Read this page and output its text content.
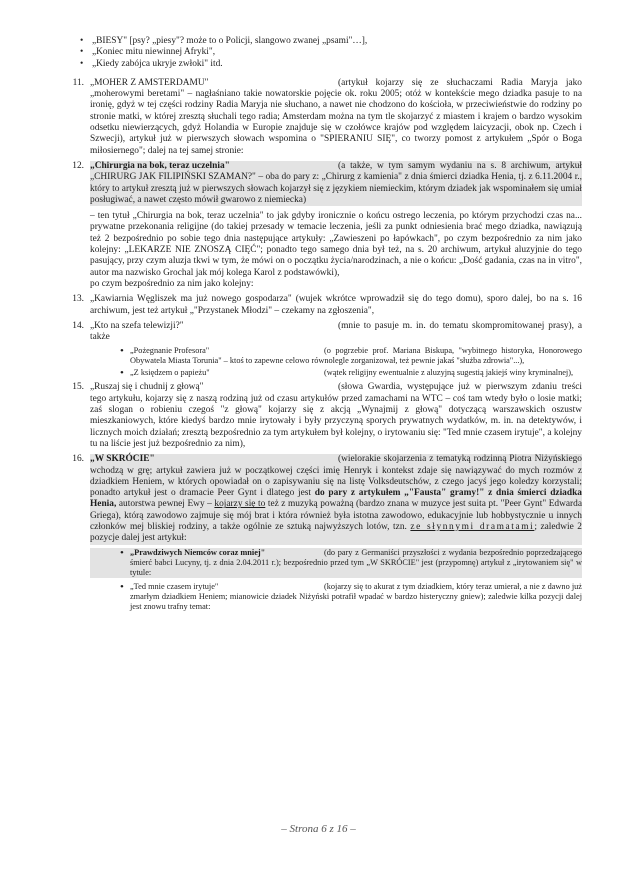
• „BIESY" [psy? „piesy"? może to o Policji, slangowo zwanej „psami"…],
• „Koniec mitu niewinnej Afryki",
• „Kiedy zabójca ukryje zwłoki" itd.
11. „MOHER Z AMSTERDAMU"	(artykuł kojarzy się ze słuchaczami Radia Maryja jako „moherowymi beretami" – nagłaśniano takie nowatorskie pojęcie ok. roku 2005; otóż w kontekście mego dziadka pasuje to na ironię, gdyż w tej części rodziny Radia Maryja nie słuchano, a nawet nie chodzono do kościoła, w przeciwieństwie do rodziny po stronie matki, w której zresztą słuchali tego radia; Amsterdam można na tym tle skojarzyć z miastem i krajem o bardzo wysokim odsetku niewierzących, gdyż Holandia w Europie znajduje się w czołówce krajów pod względem laicyzacji, obok np. Czech i Szwecji), artykuł już w pierwszych słowach wspomina o "SPIERANIU SIĘ", co tworzy pomost z artykułem „Spór o Boga miłosiernego"; dalej na tej samej stronie:
12. „Chirurgia na bok, teraz uczelnia"	(a także, w tym samym wydaniu na s. 8 archiwum, artykuł „CHIRURG JAK FILIPIŃSKI SZAMAN?" – oba do pary z: „Chirurg z kamienia" z dnia śmierci dziadka Henia, tj. z 6.11.2004 r., który to artykuł zresztą już w pierwszych słowach kojarzył się z językiem niemieckim, którym dziadek jak wspominałem się umiał posługiwać, a nawet często mówił gwarowo z niemiecka)
– ten tytuł „Chirurgia na bok, teraz uczelnia" to jak gdyby ironicznie o końcu ostrego leczenia, po którym przychodzi czas na... prywatne przekonania religijne (do takiej przesady w temacie leczenia, jeśli za punkt odniesienia brać mego dziadka, nawiązują też 2 bezpośrednio po sobie tego dnia następujące artykuły: „Zawieszeni po łapówkach", po czym bezpośrednio za nim jako kolejny: „LEKARZE NIE ZNOSZĄ CIĘĆ"; ponadto tego samego dnia był też, na s. 20 archiwum, artykuł aluzyjnie do tego pasujący, przy czym aluzja tkwi w tym, że mówi on o początku życia/narodzinach, a nie o końcu: „Dość gadania, czas na in vitro", autor ma nazwisko Grochal jak mój kolega Karol z podstawówki),
po czym bezpośrednio za nim jako kolejny:
13. „Kawiarnia Węgliszek ma już nowego gospodarza" (wujek wkrótce wprowadził się do tego domu), sporo dalej, bo na s. 16 archiwum, jest też artykuł „"Przystanek Młodzi" – czekamy na zgłoszenia",
14. „Kto na szefa telewizji?"	(mnie to pasuje m. in. do tematu skompromitowanej prasy), a także
• „Pożegnanie Profesora"	(o pogrzebie prof. Mariana Biskupa, "wybitnego historyka, Honorowego Obywatela Miasta Torunia" – ktoś to zapewne celowo równolegle zorganizował, też pewnie jakaś "służba zdrowia"...),
• „Z księdzem o papieżu"	(wątek religijny ewentualnie z aluzyjną sugestią jakiejś winy kryminalnej),
15. „Ruszaj się i chudnij z głową"	(słowa Gwardia, występujące już w pierwszym zdaniu treści tego artykułu, kojarzy się z naszą rodziną już od czasu artykułów przed zamachami na WTC – coś tam wtedy było o losie matki; zaś slogan o robieniu czegoś "z głową" kojarzy się z akcją „Wynajmij z głową" dotyczącą warszawskich oszustw mieszkaniowych, które kiedyś bardzo mnie irytowały i były przyczyną sporych prywatnych wydatków, m. in. na detektywów, i licznych moich działań; zresztą bezpośrednio za tym artykułem był kolejny, o irytowaniu się: "Ted mnie czasem irytuje", a kolejny tu na liście jest już bezpośrednio za nim),
16. „W SKRÓCIE"	(wielorakie skojarzenia z tematyką rodzinną Piotra Niżyńskiego wchodzą w grę; artykuł zawiera już w początkowej części imię Henryk i kontekst zdaje się nawiązywać do mych rozmów z dziadkiem Heniem, w których opowiadał on o zapisywaniu się na listę Volksdeutschów, z czego jacyś jego koledzy korzystali; ponadto artykuł jest o dramacie Peer Gynt i dlatego jest do pary z artykułem „"Fausta" gramy!" z dnia śmierci dziadka Henia, autorstwa pewnej Ewy – kojarzy się to też z muzyką poważną (bardzo znana w muzyce jest suita pt. "Peer Gynt" Edwarda Griega), którą zawodowo zajmuje się mój brat i która również była istotna zawodowo, edukacyjnie lub hobbystycznie u innych członków mej bliskiej rodziny, a także ogólnie ze sztuką najwyższych lotów, tzn. ze słynnymi dramatami; zaledwie 2 pozycje dalej jest artykuł:
• „Prawdziwych Niemców coraz mniej"	(do pary z Germaniści przyszłości z wydania bezpośrednio poprzedzającego śmierć babci Lucyny, tj. z dnia 2.04.2011 r.); bezpośrednio przed tym „W SKRÓCIE" jest (przypomnę) artykuł z „irytowaniem się" w tytule:
• „Ted mnie czasem irytuje"	(kojarzy się to akurat z tym dziadkiem, który teraz umierał, a nie z dawno już zmarłym dziadkiem Heniem; mianowicie dziadek Niżyński potrafił wpadać w bardzo histeryczny gniew); zaledwie kilka pozycji dalej jest znowu trafny temat:
– Strona 6 z 16 –
